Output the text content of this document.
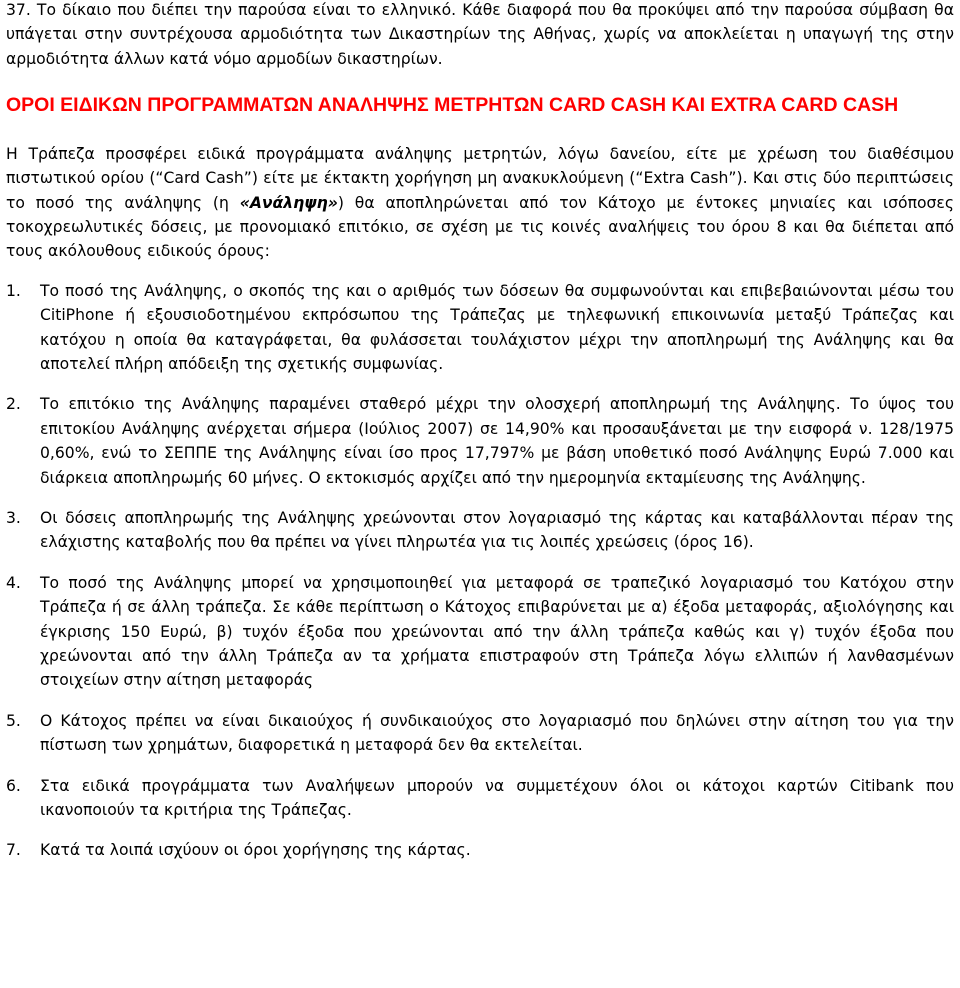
37. Το δίκαιο που διέπει την παρούσα είναι το ελληνικό. Κάθε διαφορά που θα προκύψει από την παρούσα σύμβαση θα υπάγεται στην συντρέχουσα αρμοδιότητα των Δικαστηρίων της Αθήνας, χωρίς να αποκλείεται η υπαγωγή της στην αρμοδιότητα άλλων κατά νόμο αρμοδίων δικαστηρίων.

ΟΡΟΙ ΕΙΔΙΚΩΝ ΠΡΟΓΡΑΜΜΑΤΩΝ ΑΝΑΛΗΨΗΣ ΜΕΤΡΗΤΩΝ CARD CASH ΚΑΙ EXTRA CARD CASH

Η Τράπεζα προσφέρει ειδικά προγράμματα ανάληψης μετρητών, λόγω δανείου, είτε με χρέωση του διαθέσιμου πιστωτικού ορίου (“Card Cash”) είτε με έκτακτη χορήγηση μη ανακυκλούμενη (“Extra Cash”). Και στις δύο περιπτώσεις το ποσό της ανάληψης (η «Ανάληψη») θα αποπληρώνεται από τον Κάτοχο με έντοκες μηνιαίες και ισόποσες τοκοχρεωλυτικές δόσεις, με προνομιακό επιτόκιο, σε σχέση με τις κοινές αναλήψεις του όρου 8 και θα διέπεται από τους ακόλουθους ειδικούς όρους:

1. Το ποσό της Ανάληψης, ο σκοπός της και ο αριθμός των δόσεων θα συμφωνούνται και επιβεβαιώνονται μέσω του CitiPhone ή εξουσιοδοτημένου εκπρόσωπου της Τράπεζας με τηλεφωνική επικοινωνία μεταξύ Τράπεζας και κατόχου η οποία θα καταγράφεται, θα φυλάσσεται τουλάχιστον μέχρι την αποπληρωμή της Ανάληψης και θα αποτελεί πλήρη απόδειξη της σχετικής συμφωνίας.
2. Το επιτόκιο της Ανάληψης παραμένει σταθερό μέχρι την ολοσχερή αποπληρωμή της Ανάληψης. Το ύψος του επιτοκίου Ανάληψης ανέρχεται σήμερα (Ιούλιος 2007) σε 14,90% και προσαυξάνεται με την εισφορά ν. 128/1975 0,60%, ενώ το ΣΕΠΠΕ της Ανάληψης είναι ίσο προς 17,797% με βάση υποθετικό ποσό Ανάληψης Ευρώ 7.000 και διάρκεια αποπληρωμής 60 μήνες. Ο εκτοκισμός αρχίζει από την ημερομηνία εκταμίευσης της Ανάληψης.
3. Οι δόσεις αποπληρωμής της Ανάληψης χρεώνονται στον λογαριασμό της κάρτας και καταβάλλονται πέραν της ελάχιστης καταβολής που θα πρέπει να γίνει πληρωτέα για τις λοιπές χρεώσεις (όρος 16).
4. Το ποσό της Ανάληψης μπορεί να χρησιμοποιηθεί για μεταφορά σε τραπεζικό λογαριασμό του Κατόχου στην Τράπεζα ή σε άλλη τράπεζα. Σε κάθε περίπτωση ο Κάτοχος επιβαρύνεται με α) έξοδα μεταφοράς, αξιολόγησης και έγκρισης 150 Ευρώ, β) τυχόν έξοδα που χρεώνονται από την άλλη τράπεζα καθώς και γ) τυχόν έξοδα που χρεώνονται από την άλλη Τράπεζα αν τα χρήματα επιστραφούν στη Τράπεζα λόγω ελλιπών ή λανθασμένων στοιχείων στην αίτηση μεταφοράς
5. Ο Κάτοχος πρέπει να είναι δικαιούχος ή συνδικαιούχος στο λογαριασμό που δηλώνει στην αίτηση του για την πίστωση των χρημάτων, διαφορετικά η μεταφορά δεν θα εκτελείται.
6. Στα ειδικά προγράμματα των Αναλήψεων μπορούν να συμμετέχουν όλοι οι κάτοχοι καρτών Citibank που ικανοποιούν τα κριτήρια της Τράπεζας.
7. Κατά τα λοιπά ισχύουν οι όροι χορήγησης της κάρτας.
